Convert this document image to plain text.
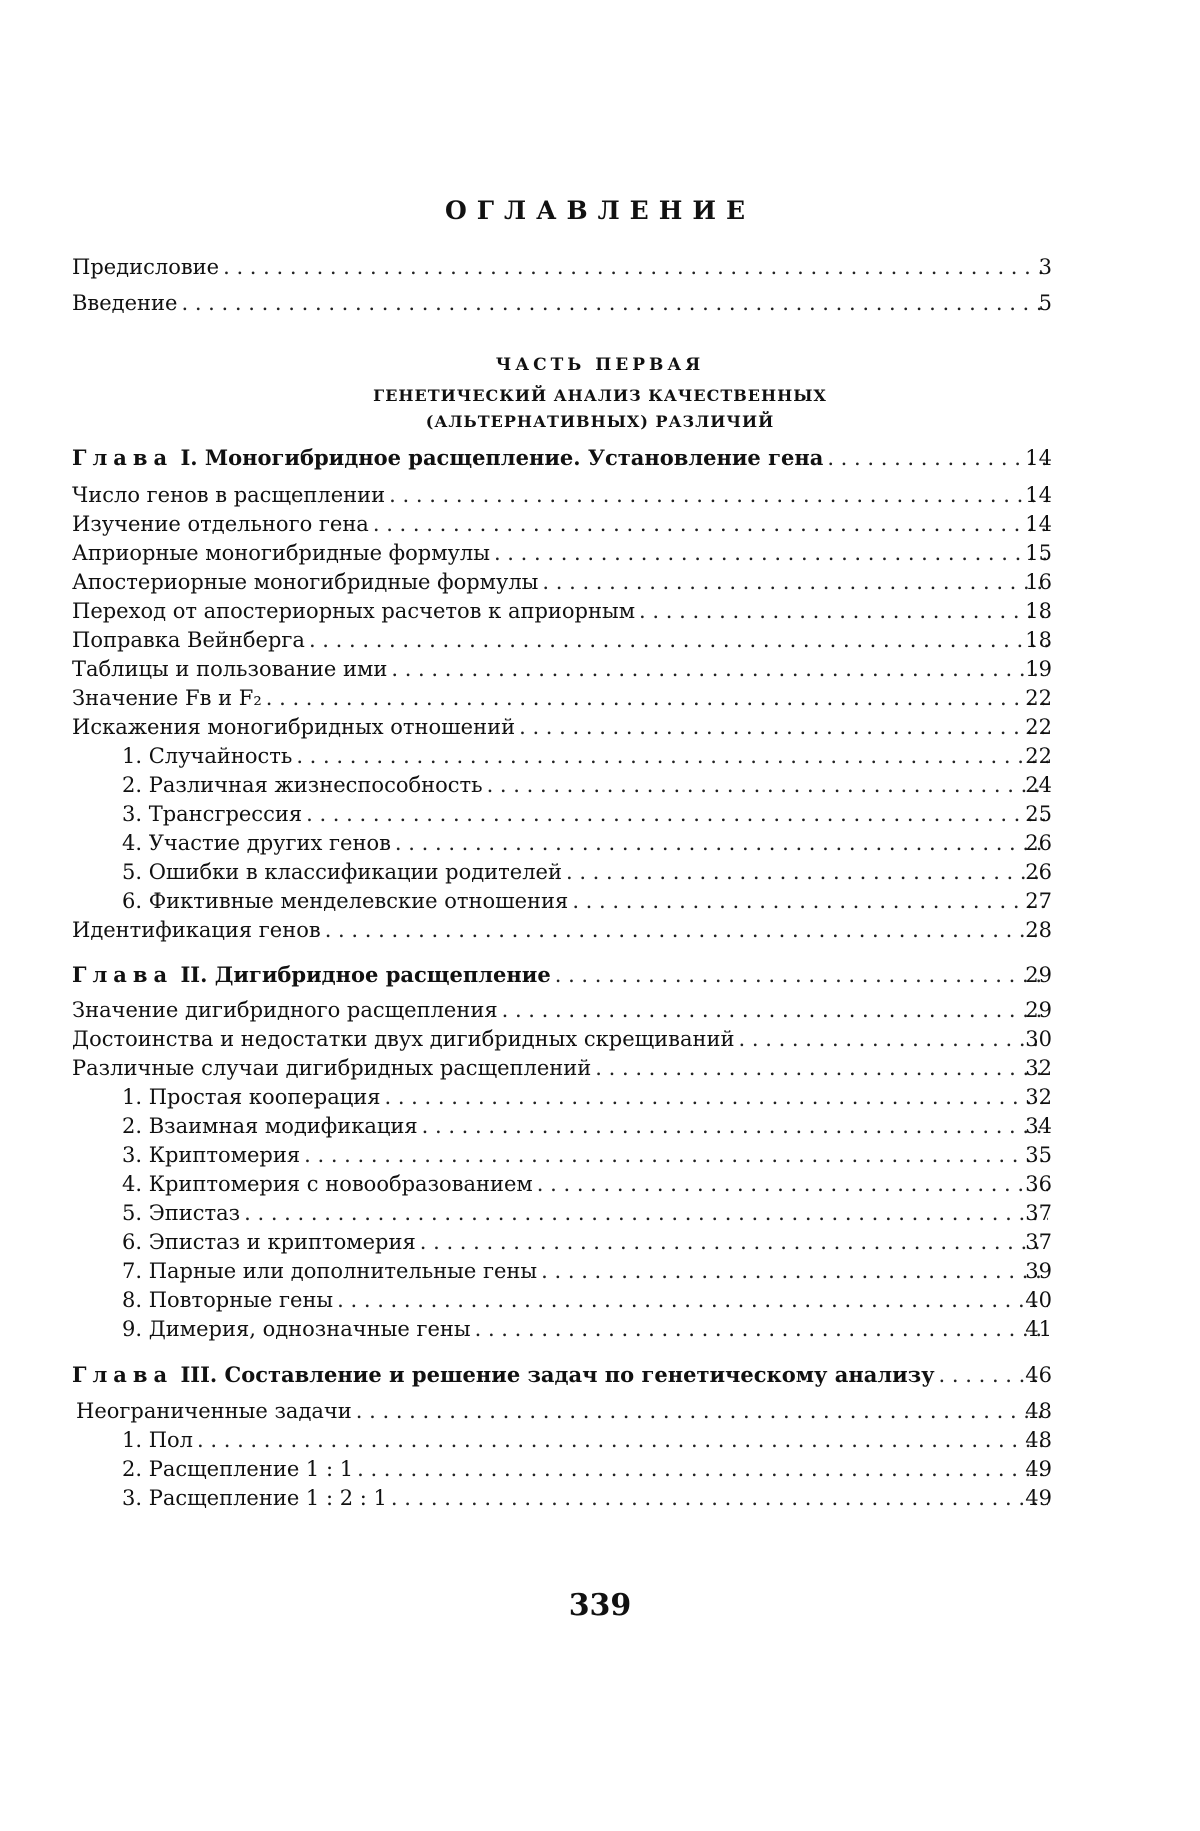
ОГЛАВЛЕНИЕ
Предисловие . . .	3
Введение . . .	5
ЧАСТЬ ПЕРВАЯ
ГЕНЕТИЧЕСКИЙ АНАЛИЗ КАЧЕСТВЕННЫХ
(АЛЬТЕРНАТИВНЫХ) РАЗЛИЧИЙ
Глава I. Моногибридное расщепление. Установление гена . . .	14
Число генов в расщеплении . . .	14
Изучение отдельного гена . . .	14
Априорные моногибридные формулы . . .	15
Апостериорные моногибридные формулы . . .	16
Переход от апостериорных расчетов к априорным . . .	18
Поправка Вейнберга . . .	18
Таблицы и пользование ими . . .	19
Значение Fв и F₂ . . .	22
Искажения моногибридных отношений . . .	22
1. Случайность . . .	22
2. Различная жизнеспособность . . .	24
3. Трансгрессия . . .	25
4. Участие других генов . . .	26
5. Ошибки в классификации родителей . . .	26
6. Фиктивные менделевские отношения . . .	27
Идентификация генов . . .	28
Глава II. Дигибридное расщепление . . .	29
Значение дигибридного расщепления . . .	29
Достоинства и недостатки двух дигибридных скрещиваний . . .	30
Различные случаи дигибридных расщеплений . . .	32
1. Простая кооперация . . .	32
2. Взаимная модификация . . .	34
3. Криптомерия . . .	35
4. Криптомерия с новообразованием . . .	36
5. Эпистаз . . .	37
6. Эпистаз и криптомерия . . .	37
7. Парные или дополнительные гены . . .	39
8. Повторные гены . . .	40
9. Димерия, однозначные гены . . .	41
Глава III. Составление и решение задач по генетическому анализу . . .	46
Неограниченные задачи . . .	48
1. Пол . . .	48
2. Расщепление 1 : 1 . . .	49
3. Расщепление 1 : 2 : 1 . . .	49
339
